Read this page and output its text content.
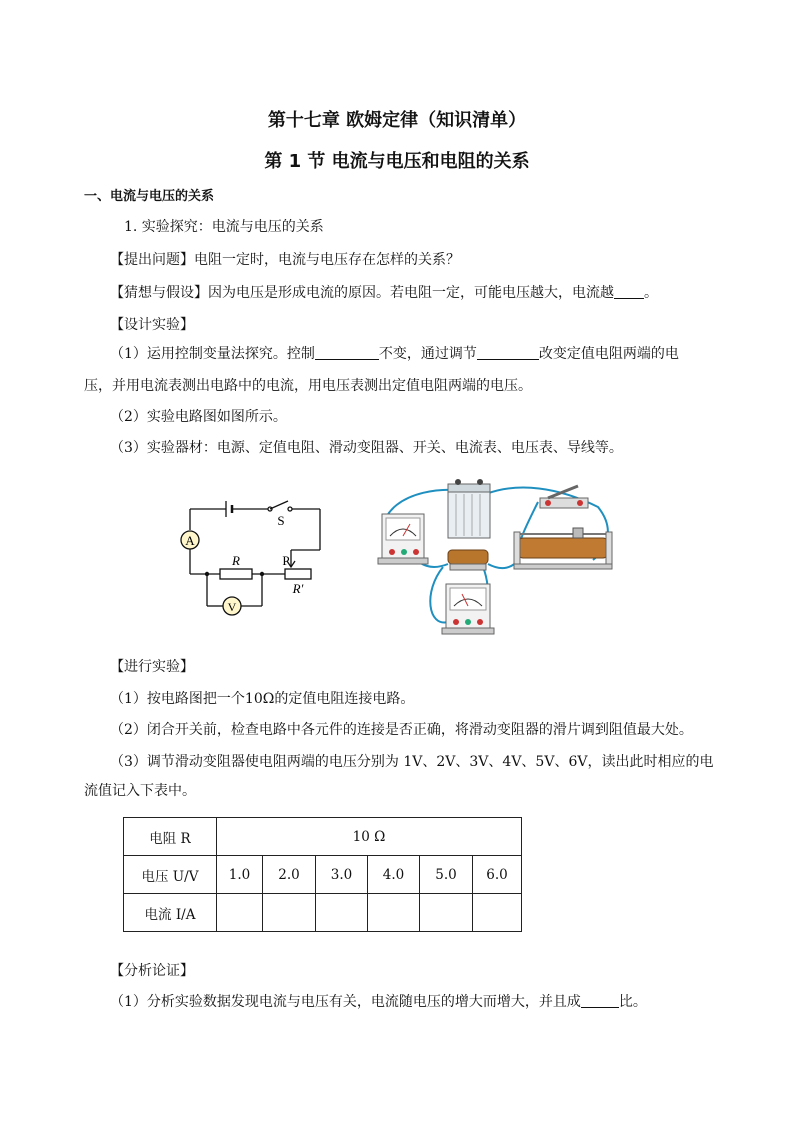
第十七章 欧姆定律（知识清单）
第 1 节 电流与电压和电阻的关系
一、电流与电压的关系
1. 实验探究：电流与电压的关系
【提出问题】电阻一定时，电流与电压存在怎样的关系？
【猜想与假设】因为电压是形成电流的原因。若电阻一定，可能电压越大，电流越 。
【设计实验】
（1）运用控制变量法探究。控制	不变，通过调节	改变定值电阻两端的电
压，并用电流表测出电路中的电流，用电压表测出定值电阻两端的电压。
（2）实验电路图如图所示。
（3）实验器材：电源、定值电阻、滑动变阻器、开关、电流表、电压表、导线等。
A
V
S
R	P
R′
【进行实验】
（1）按电路图把一个10Ω的定值电阻连接电路。
（2）闭合开关前，检查电路中各元件的连接是否正确，将滑动变阻器的滑片调到阻值最大处。
（3）调节滑动变阻器使电阻两端的电压分别为 1V、2V、3V、4V、5V、6V，读出此时相应的电
流值记入下表中。
电阻 R	10 Ω					
电压 U/V	1.0	2.0	3.0	4.0	5.0	6.0
电流 I/A						
【分析论证】
（1）分析实验数据发现电流与电压有关，电流随电压的增大而增大，并且成	比。
